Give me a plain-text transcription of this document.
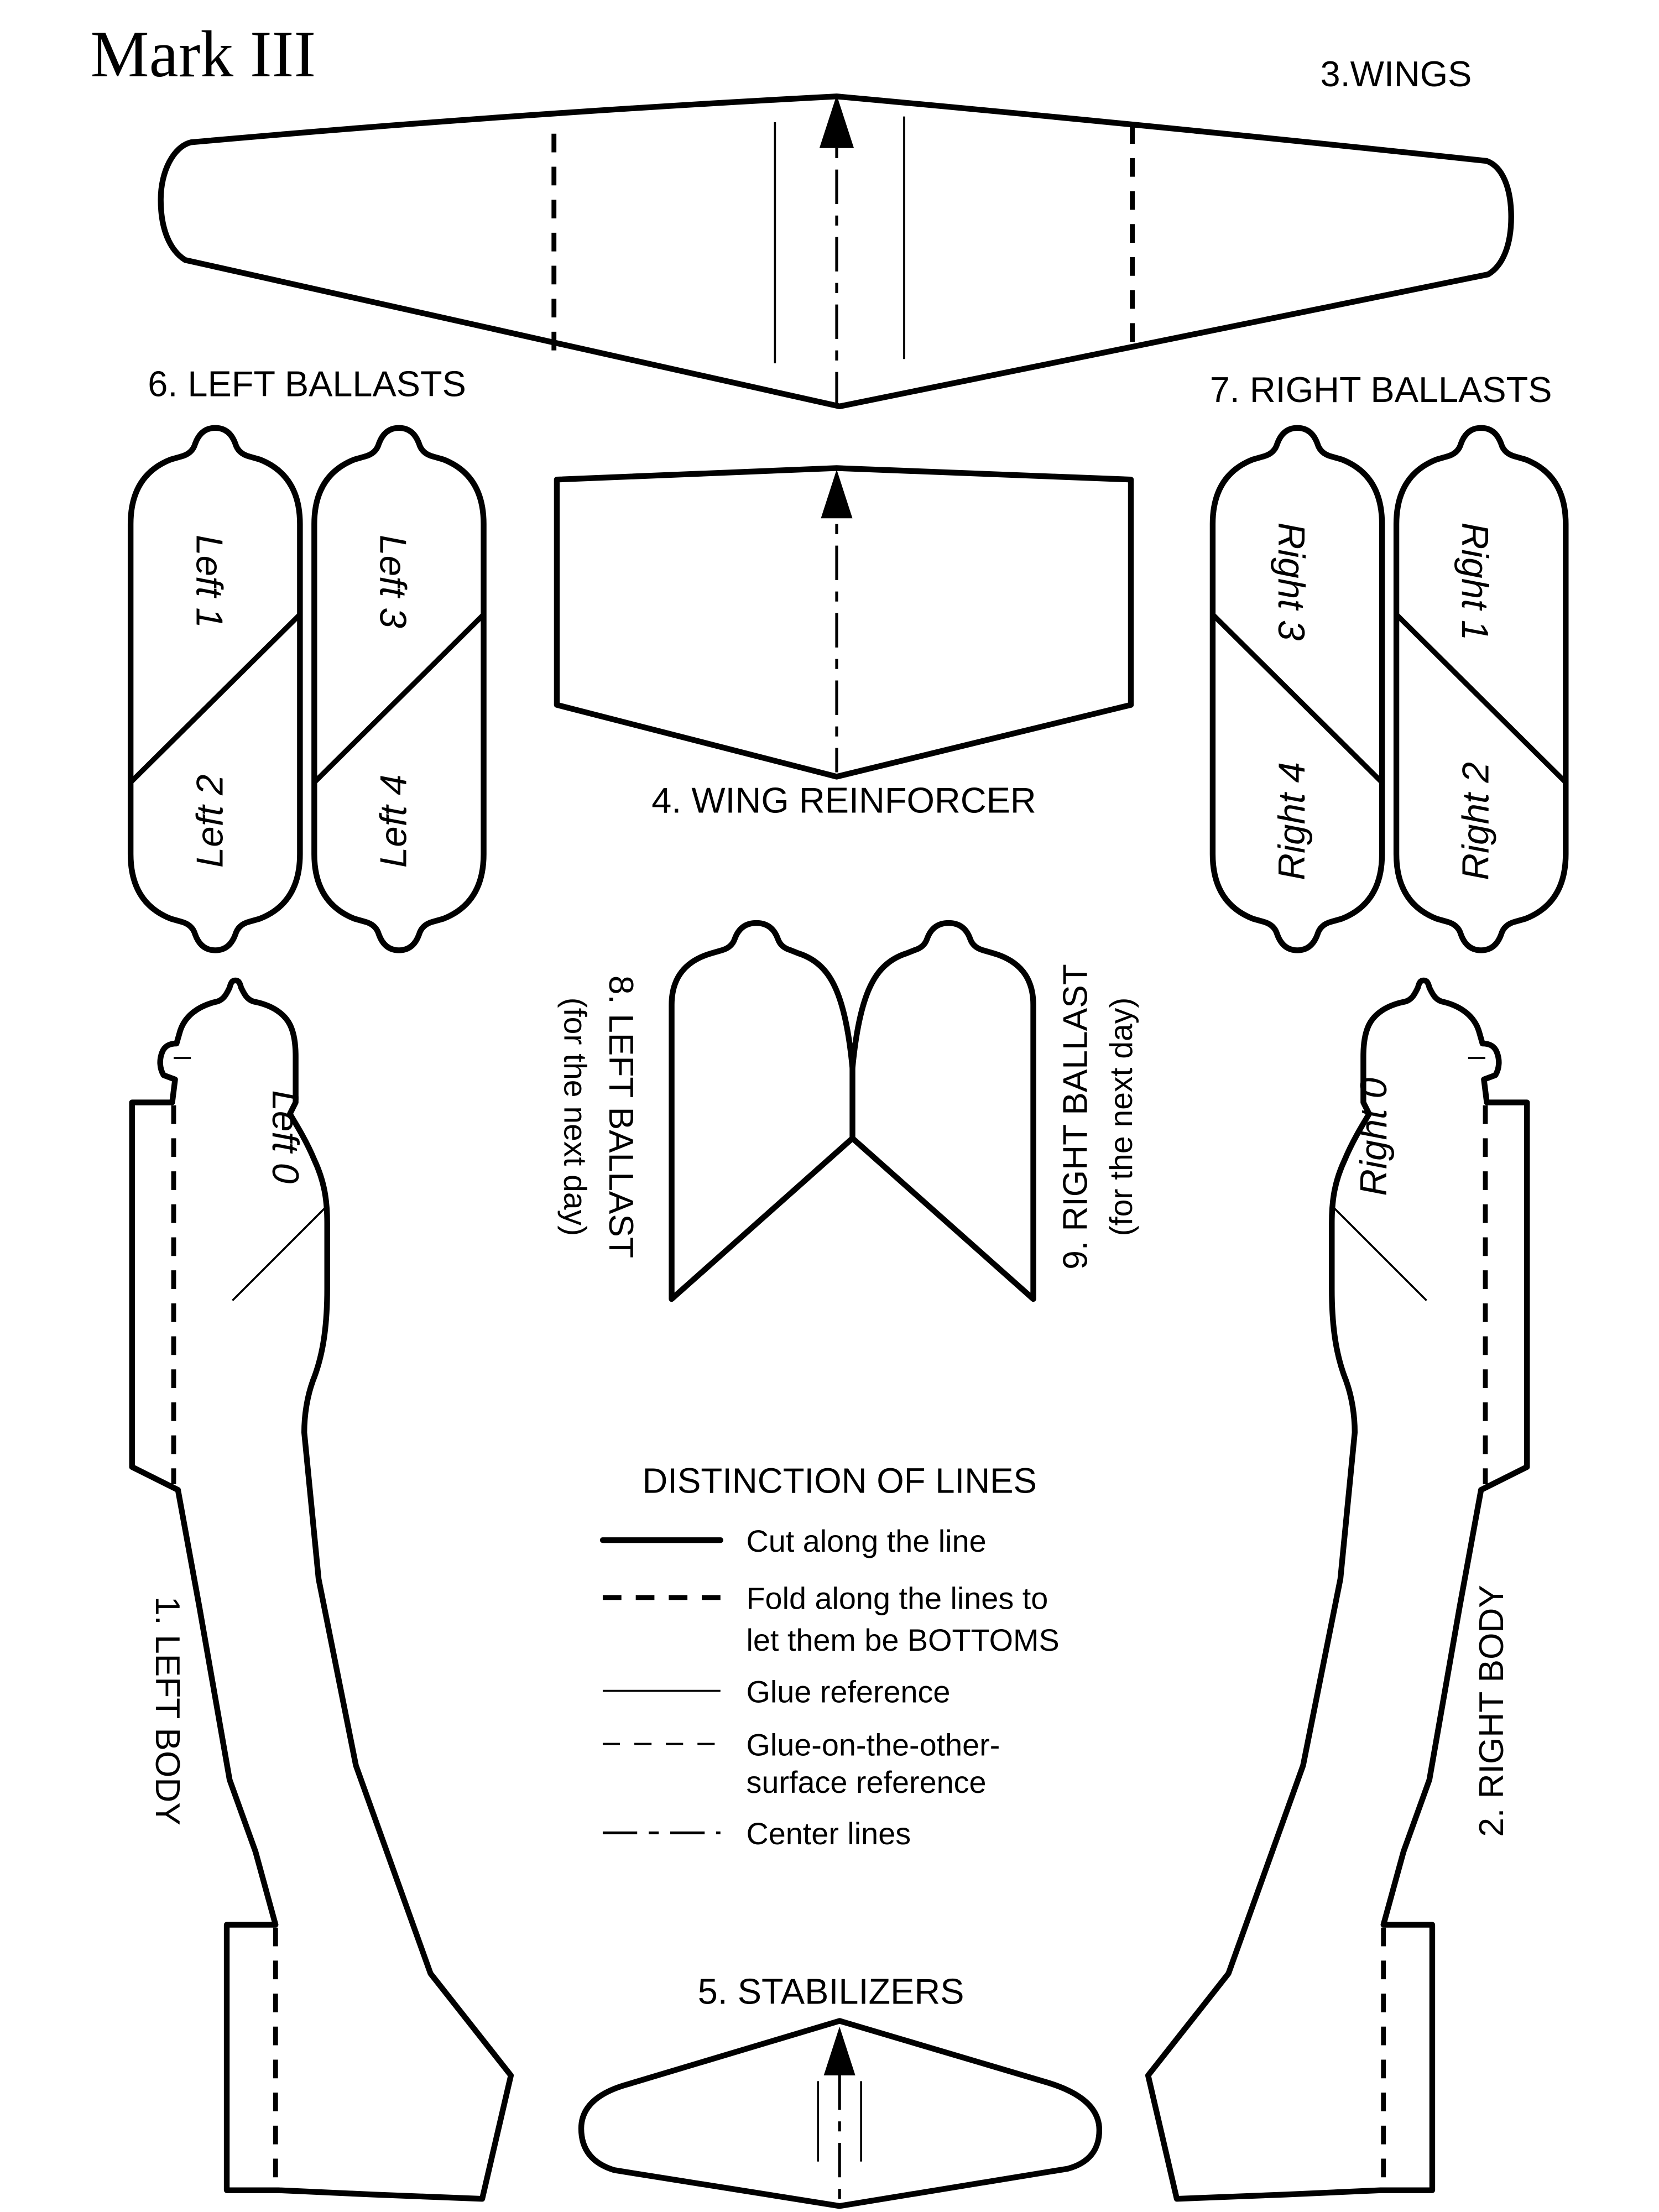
Mark III	3.WINGS
4. WING REINFORCER
6. LEFT BALLASTS
Left 1
Left 2
Left 3
Left 4
7. RIGHT BALLASTS
Right 3
Right 4
Right 1
Right 2
8. LEFT BALLAST
(for the next day)	9. RIGHT BALLAST (for the next day)
Left 0
1. LEFT BODY
Right 0
2. RIGHT BODY
5. STABILIZERS
DISTINCTION OF LINES
Cut along the line
Fold along the lines to
let them be BOTTOMS
Glue reference
Glue-on-the-other-
surface reference
Center lines
